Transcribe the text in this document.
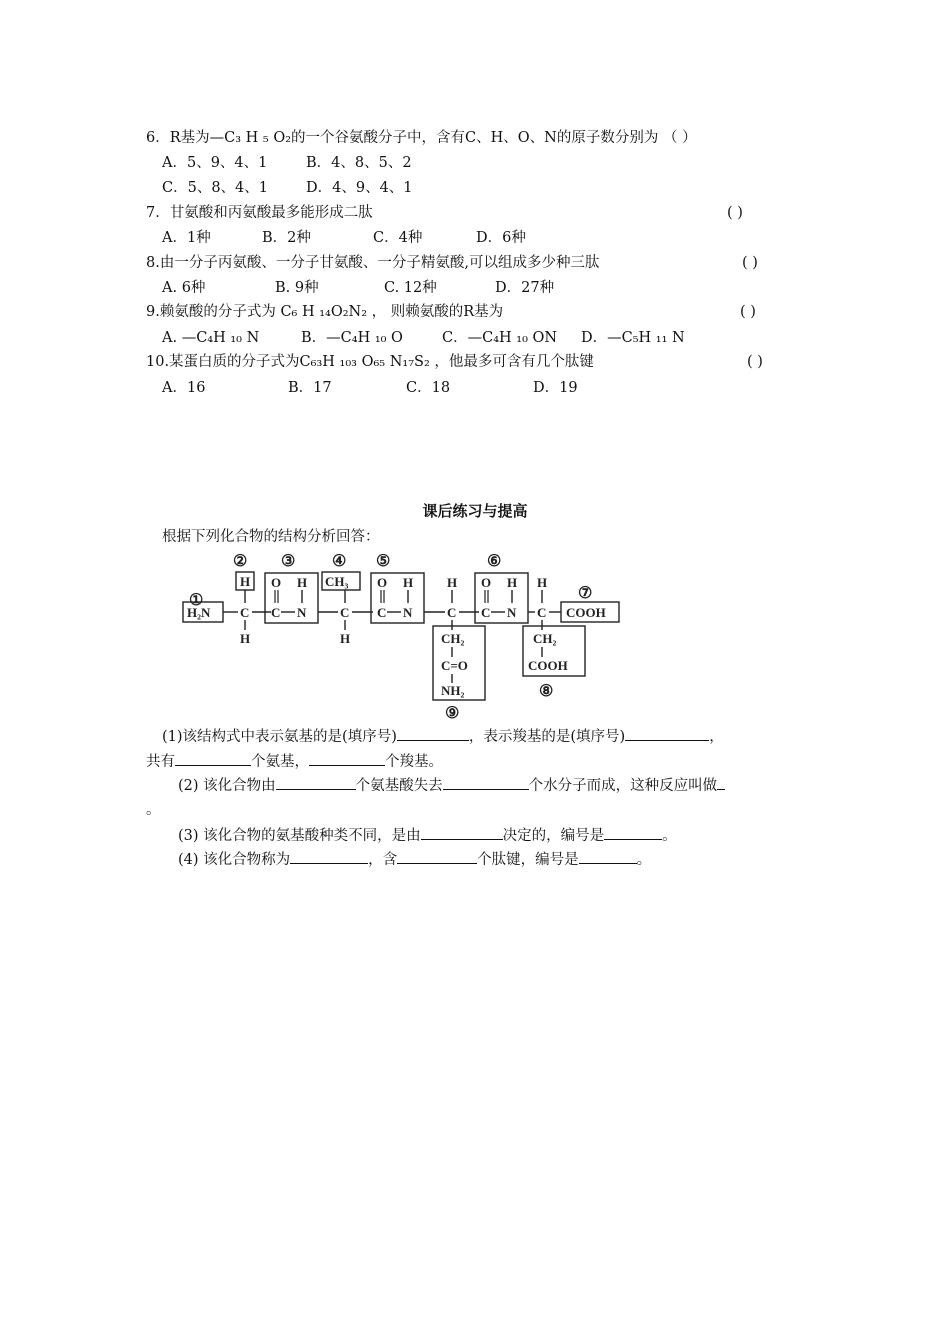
6．R基为—C₃ H ₅ O₂的一个谷氨酸分子中，含有C、H、O、N的原子数分别为 （ ）
A．5、9、4、1	B．4、8、5、2
C．5、8、4、1	D．4、9、4、1
7．甘氨酸和丙氨酸最多能形成二肽	( )
A．1种	B．2种	C．4种	D．6种
8.由一分子丙氨酸、一分子甘氨酸、一分子精氨酸,可以组成多少种三肽	( )
A. 6种	B. 9种	C. 12种	D．27种
9.赖氨酸的分子式为 C₆ H ₁₄O₂N₂ ， 则赖氨酸的R基为	( )
A. —C₄H ₁₀ N	B．—C₄H ₁₀ O	C．—C₄H ₁₀ ON D．—C₅H ₁₁ N
10.某蛋白质的分子式为C₆₃H ₁₀₃ O₆₅ N₁₇S₂ ，他最多可含有几个肽键	( )
A．16	B．17	C．18	D．19
课后练习与提高
根据下列化合物的结构分析回答：
①
② ③ ④ ⑤	⑥
⑦
⑧
⑨
H₂N C
H
H
O H
C N
CH₃
C
H
O H
C N
H
C
CH₂
C=O
NH₂
O H
C N
H
C COOH
CH₂
COOH
(1)该结构式中表示氨基的是(填序号)	，表示羧基的是(填序号)	，
共有	个氨基，	个羧基。
(2) 该化合物由	个氨基酸失去	个水分子而成，这种反应叫做
。
(3) 该化合物的氨基酸种类不同，是由	决定的，编号是	。
(4) 该化合物称为	，含	个肽键，编号是	。
